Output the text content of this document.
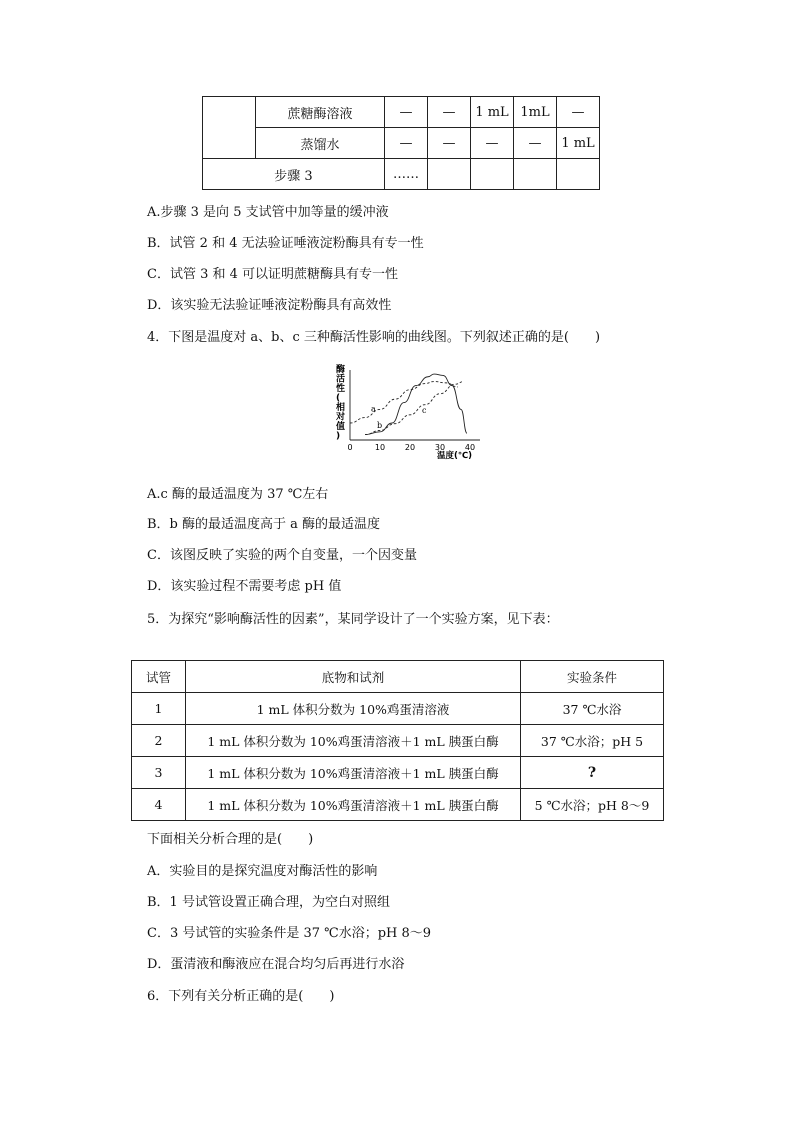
	蔗糖酶溶液	—	—	1 mL	1mL	—
	蒸馏水	—	—	—	—	1 mL
步骤 3		……				
A.步骤 3 是向 5 支试管中加等量的缓冲液
B．试管 2 和 4 无法验证唾液淀粉酶具有专一性
C．试管 3 和 4 可以证明蔗糖酶具有专一性
D．该实验无法验证唾液淀粉酶具有高效性
4．下图是温度对 a、b、c 三种酶活性影响的曲线图。下列叙述正确的是(　　)
酶活性(相对值)
0	10 20 30 40
a
b
c
温度(℃)
A.c 酶的最适温度为 37 ℃左右
B．b 酶的最适温度高于 a 酶的最适温度
C．该图反映了实验的两个自变量，一个因变量
D．该实验过程不需要考虑 pH 值
5．为探究“影响酶活性的因素”，某同学设计了一个实验方案，见下表：
试管	底物和试剂	实验条件
1	1 mL 体积分数为 10%鸡蛋清溶液	37 ℃水浴
2	1 mL 体积分数为 10%鸡蛋清溶液＋1 mL 胰蛋白酶	37 ℃水浴；pH 5
3	1 mL 体积分数为 10%鸡蛋清溶液＋1 mL 胰蛋白酶	?
4	1 mL 体积分数为 10%鸡蛋清溶液＋1 mL 胰蛋白酶	5 ℃水浴；pH 8～9
下面相关分析合理的是(　　)
A．实验目的是探究温度对酶活性的影响
B．1 号试管设置正确合理，为空白对照组
C．3 号试管的实验条件是 37 ℃水浴；pH 8～9
D．蛋清液和酶液应在混合均匀后再进行水浴
6．下列有关分析正确的是(　　)
